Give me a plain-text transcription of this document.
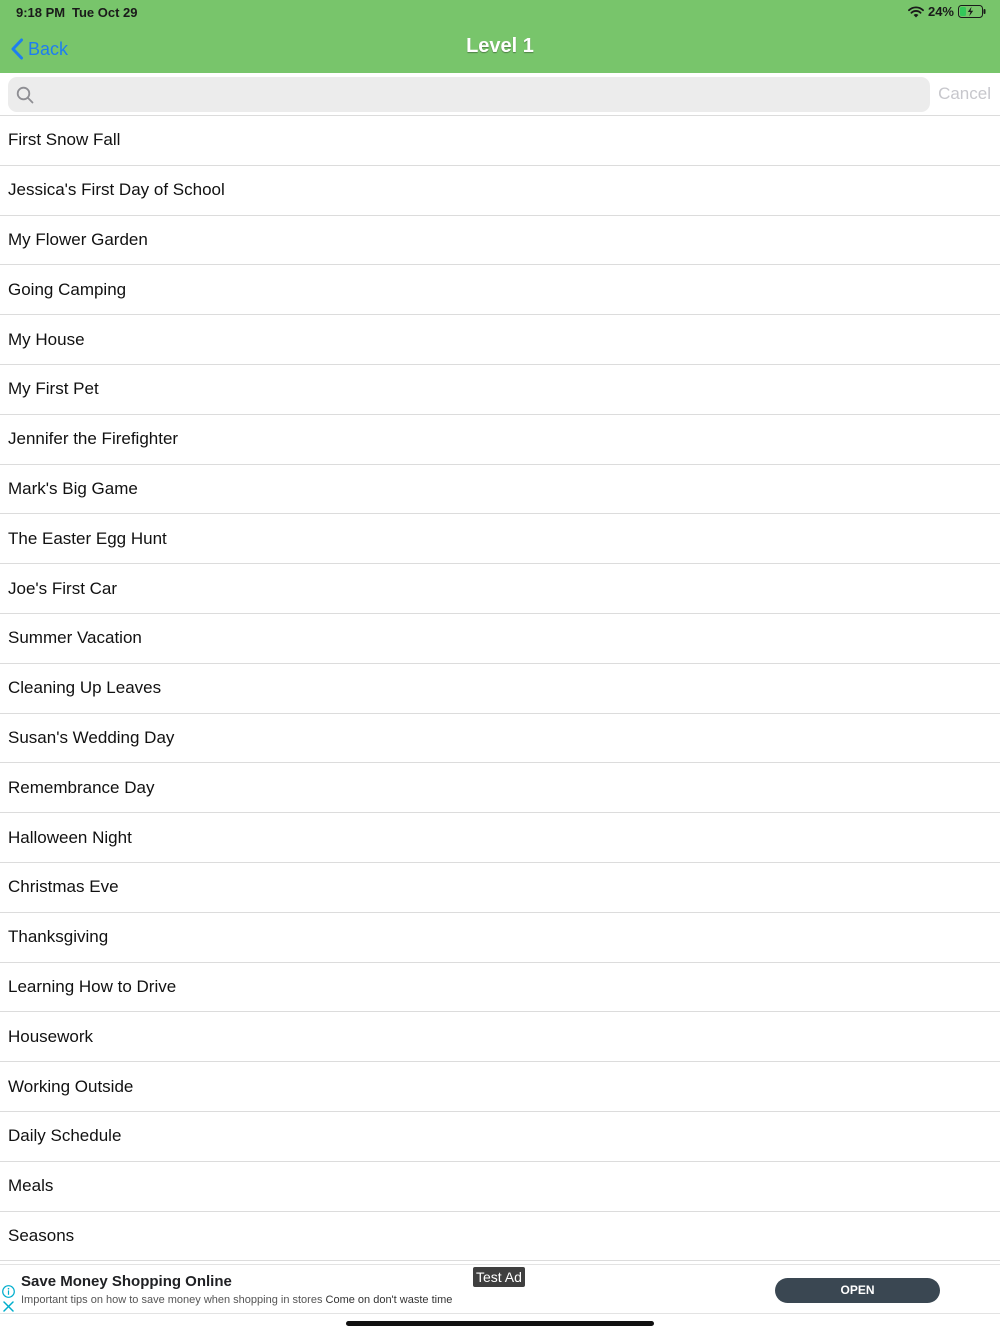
9:18 PM Tue Oct 29	24%
Back	Level 1
Cancel
First Snow Fall
Jessica's First Day of School
My Flower Garden
Going Camping
My House
My First Pet
Jennifer the Firefighter
Mark's Big Game
The Easter Egg Hunt
Joe's First Car
Summer Vacation
Cleaning Up Leaves
Susan's Wedding Day
Remembrance Day
Halloween Night
Christmas Eve
Thanksgiving
Learning How to Drive
Housework
Working Outside
Daily Schedule
Meals
Seasons
Save Money Shopping Online
Important tips on how to save money when shopping in stores Come on don't waste time
Test Ad
OPEN
